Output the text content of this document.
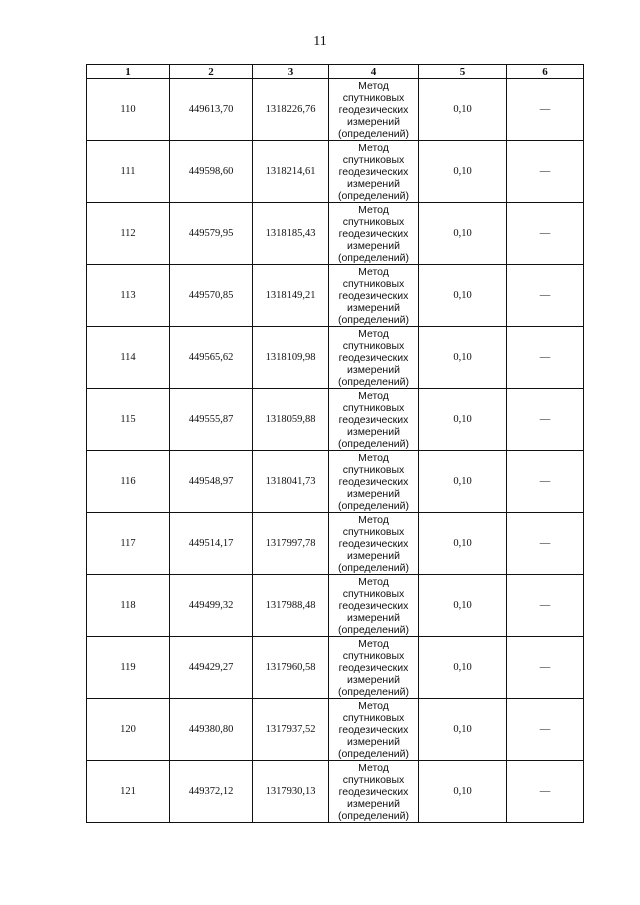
11
1	2	3	4	5	6
110	449613,70	1318226,76	Метод
спутниковых
геодезических
измерений
(определений)	0,10	—
111	449598,60	1318214,61	Метод
спутниковых
геодезических
измерений
(определений)	0,10	—
112	449579,95	1318185,43	Метод
спутниковых
геодезических
измерений
(определений)	0,10	—
113	449570,85	1318149,21	Метод
спутниковых
геодезических
измерений
(определений)	0,10	—
114	449565,62	1318109,98	Метод
спутниковых
геодезических
измерений
(определений)	0,10	—
115	449555,87	1318059,88	Метод
спутниковых
геодезических
измерений
(определений)	0,10	—
116	449548,97	1318041,73	Метод
спутниковых
геодезических
измерений
(определений)	0,10	—
117	449514,17	1317997,78	Метод
спутниковых
геодезических
измерений
(определений)	0,10	—
118	449499,32	1317988,48	Метод
спутниковых
геодезических
измерений
(определений)	0,10	—
119	449429,27	1317960,58	Метод
спутниковых
геодезических
измерений
(определений)	0,10	—
120	449380,80	1317937,52	Метод
спутниковых
геодезических
измерений
(определений)	0,10	—
121	449372,12	1317930,13	Метод
спутниковых
геодезических
измерений
(определений)	0,10	—
